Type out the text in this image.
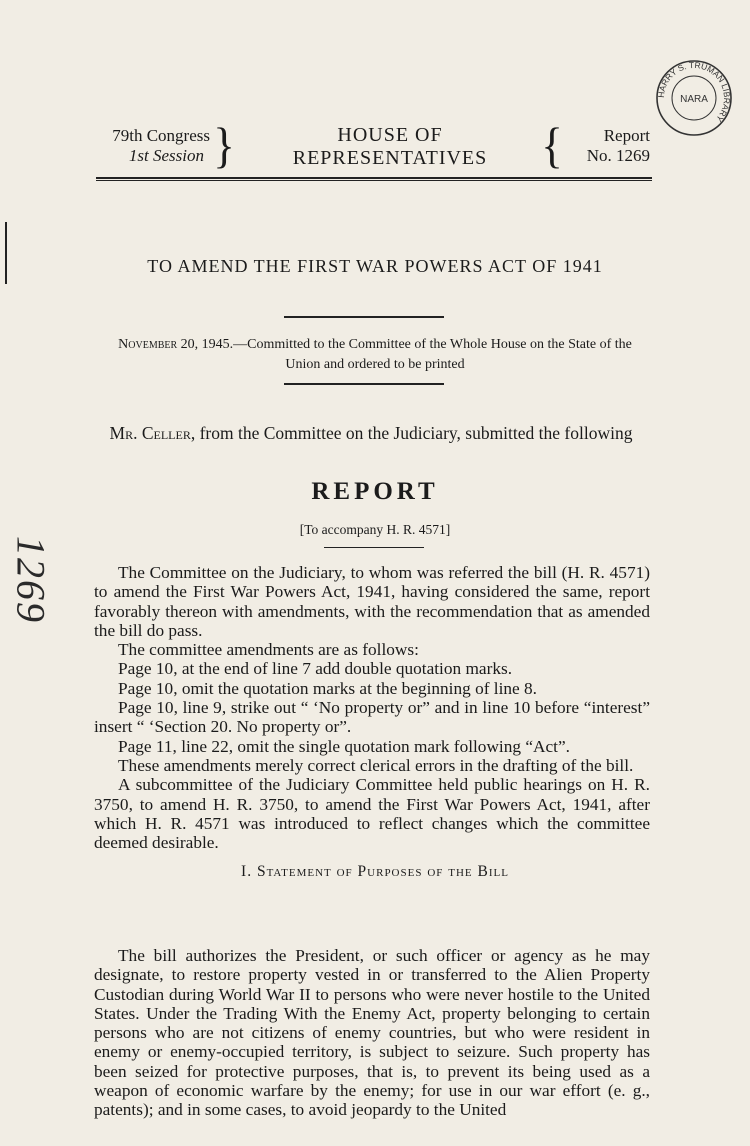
1269
HARRY S. TRUMAN LIBRARY
NARA
79th Congress
1st Session }	HOUSE OF REPRESENTATIVES	{	Report
No. 1269
TO AMEND THE FIRST WAR POWERS ACT OF 1941
November 20, 1945.—Committed to the Committee of the Whole House on the State of the Union and ordered to be printed
Mr. Celler, from the Committee on the Judiciary, submitted the following
REPORT
[To accompany H. R. 4571]

The Committee on the Judiciary, to whom was referred the bill (H. R. 4571) to amend the First War Powers Act, 1941, having considered the same, report favorably thereon with amendments, with the recommendation that as amended the bill do pass.

The committee amendments are as follows:

Page 10, at the end of line 7 add double quotation marks.

Page 10, omit the quotation marks at the beginning of line 8.

Page 10, line 9, strike out “ ‘No property or” and in line 10 before “interest” insert “ ‘Section 20. No property or”.

Page 11, line 22, omit the single quotation mark following “Act”.

These amendments merely correct clerical errors in the drafting of the bill.

A subcommittee of the Judiciary Committee held public hearings on H. R. 3750, to amend H. R. 3750, to amend the First War Powers Act, 1941, after which H. R. 4571 was introduced to reflect changes which the committee deemed desirable.

I. Statement of Purposes of the Bill

The bill authorizes the President, or such officer or agency as he may designate, to restore property vested in or transferred to the Alien Property Custodian during World War II to persons who were never hostile to the United States. Under the Trading With the Enemy Act, property belonging to certain persons who are not citizens of enemy countries, but who were resident in enemy or enemy-occupied territory, is subject to seizure. Such property has been seized for protective purposes, that is, to prevent its being used as a weapon of economic warfare by the enemy; for use in our war effort (e. g., patents); and in some cases, to avoid jeopardy to the United
